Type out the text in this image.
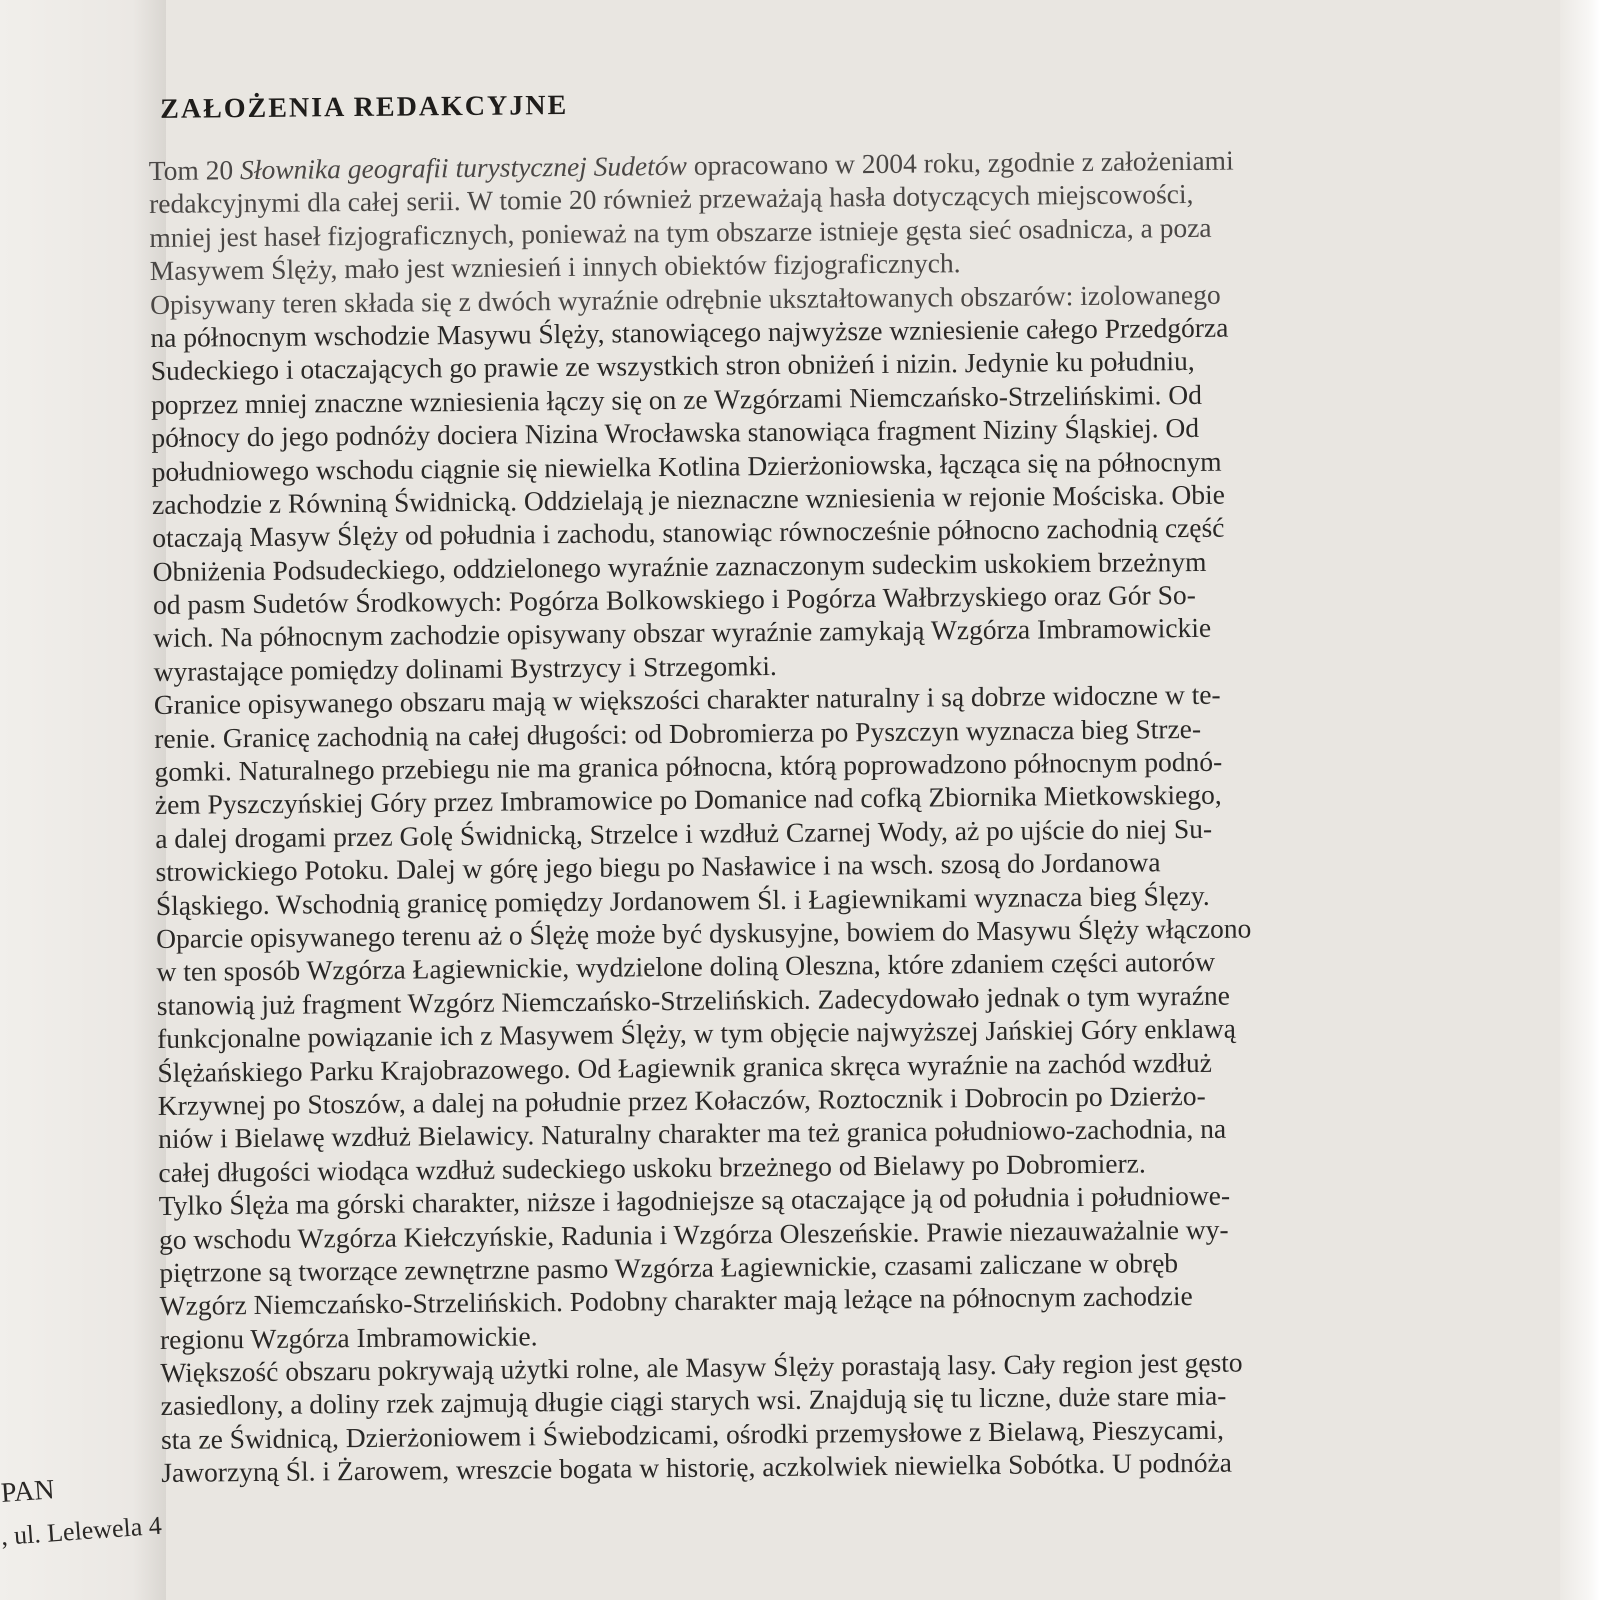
PAN
, ul. Lelewela 4
ZAŁOŻENIA REDAKCYJNE
Tom 20 Słownika geografii turystycznej Sudetów opracowano w 2004 roku, zgodnie z założeniami
redakcyjnymi dla całej serii. W tomie 20 również przeważają hasła dotyczących miejscowości,
mniej jest haseł fizjograficznych, ponieważ na tym obszarze istnieje gęsta sieć osadnicza, a poza
Masywem Ślęży, mało jest wzniesień i innych obiektów fizjograficznych.
Opisywany teren składa się z dwóch wyraźnie odrębnie ukształtowanych obszarów: izolowanego
na północnym wschodzie Masywu Ślęży, stanowiącego najwyższe wzniesienie całego Przedgórza
Sudeckiego i otaczających go prawie ze wszystkich stron obniżeń i nizin. Jedynie ku południu,
poprzez mniej znaczne wzniesienia łączy się on ze Wzgórzami Niemczańsko-Strzelińskimi. Od
północy do jego podnóży dociera Nizina Wrocławska stanowiąca fragment Niziny Śląskiej. Od
południowego wschodu ciągnie się niewielka Kotlina Dzierżoniowska, łącząca się na północnym
zachodzie z Równiną Świdnicką. Oddzielają je nieznaczne wzniesienia w rejonie Mościska. Obie
otaczają Masyw Ślęży od południa i zachodu, stanowiąc równocześnie północno zachodnią część
Obniżenia Podsudeckiego, oddzielonego wyraźnie zaznaczonym sudeckim uskokiem brzeżnym
od pasm Sudetów Środkowych: Pogórza Bolkowskiego i Pogórza Wałbrzyskiego oraz Gór So-
wich. Na północnym zachodzie opisywany obszar wyraźnie zamykają Wzgórza Imbramowickie
wyrastające pomiędzy dolinami Bystrzycy i Strzegomki.
Granice opisywanego obszaru mają w większości charakter naturalny i są dobrze widoczne w te-
renie. Granicę zachodnią na całej długości: od Dobromierza po Pyszczyn wyznacza bieg Strze-
gomki. Naturalnego przebiegu nie ma granica północna, którą poprowadzono północnym podnó-
żem Pyszczyńskiej Góry przez Imbramowice po Domanice nad cofką Zbiornika Mietkowskiego,
a dalej drogami przez Golę Świdnicką, Strzelce i wzdłuż Czarnej Wody, aż po ujście do niej Su-
strowickiego Potoku. Dalej w górę jego biegu po Nasławice i na wsch. szosą do Jordanowa
Śląskiego. Wschodnią granicę pomiędzy Jordanowem Śl. i Łagiewnikami wyznacza bieg Ślęzy.
Oparcie opisywanego terenu aż o Ślężę może być dyskusyjne, bowiem do Masywu Ślęży włączono
w ten sposób Wzgórza Łagiewnickie, wydzielone doliną Oleszna, które zdaniem części autorów
stanowią już fragment Wzgórz Niemczańsko-Strzelińskich. Zadecydowało jednak o tym wyraźne
funkcjonalne powiązanie ich z Masywem Ślęży, w tym objęcie najwyższej Jańskiej Góry enklawą
Ślężańskiego Parku Krajobrazowego. Od Łagiewnik granica skręca wyraźnie na zachód wzdłuż
Krzywnej po Stoszów, a dalej na południe przez Kołaczów, Roztocznik i Dobrocin po Dzierżo-
niów i Bielawę wzdłuż Bielawicy. Naturalny charakter ma też granica południowo-zachodnia, na
całej długości wiodąca wzdłuż sudeckiego uskoku brzeżnego od Bielawy po Dobromierz.
Tylko Ślęża ma górski charakter, niższe i łagodniejsze są otaczające ją od południa i południowe-
go wschodu Wzgórza Kiełczyńskie, Radunia i Wzgórza Oleszeńskie. Prawie niezauważalnie wy-
piętrzone są tworzące zewnętrzne pasmo Wzgórza Łagiewnickie, czasami zaliczane w obręb
Wzgórz Niemczańsko-Strzelińskich. Podobny charakter mają leżące na północnym zachodzie
regionu Wzgórza Imbramowickie.
Większość obszaru pokrywają użytki rolne, ale Masyw Ślęży porastają lasy. Cały region jest gęsto
zasiedlony, a doliny rzek zajmują długie ciągi starych wsi. Znajdują się tu liczne, duże stare mia-
sta ze Świdnicą, Dzierżoniowem i Świebodzicami, ośrodki przemysłowe z Bielawą, Pieszycami,
Jaworzyną Śl. i Żarowem, wreszcie bogata w historię, aczkolwiek niewielka Sobótka. U podnóża
